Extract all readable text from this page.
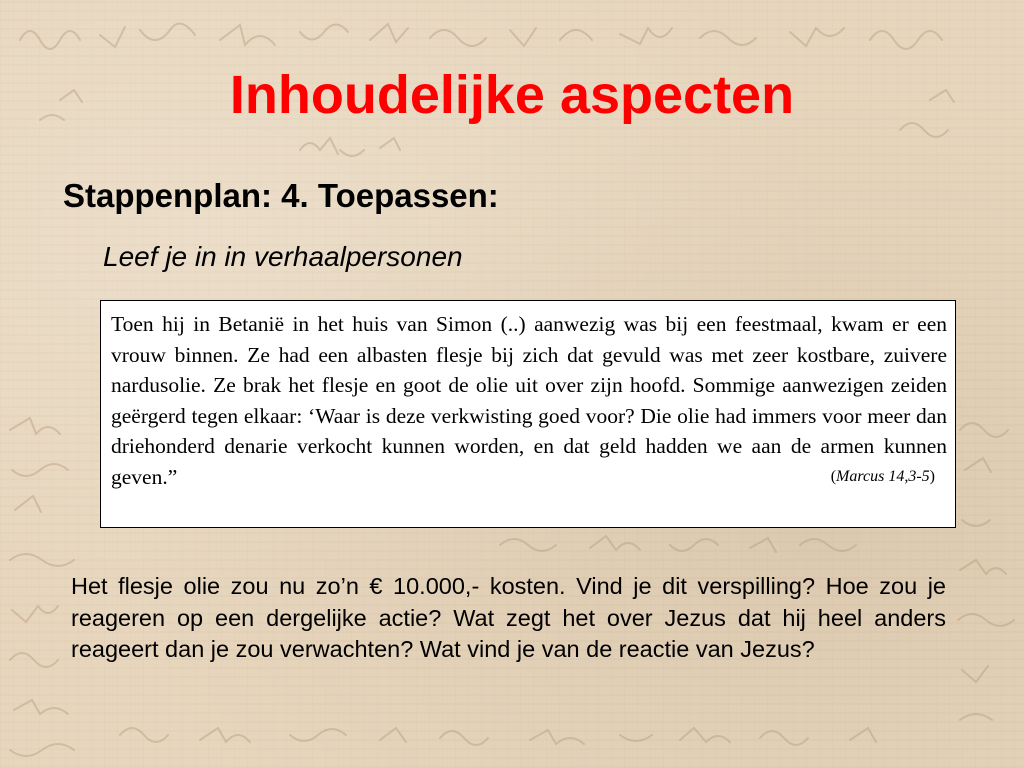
Inhoudelijke aspecten
Stappenplan: 4. Toepassen:

Leef je in in verhaalpersonen

Toen hij in Betanië in het huis van Simon (..) aanwezig was bij een feestmaal, kwam er een vrouw binnen. Ze had een albasten flesje bij zich dat gevuld was met zeer kostbare, zuivere nardusolie. Ze brak het flesje en goot de olie uit over zijn hoofd. Sommige aanwezigen zeiden geërgerd tegen elkaar: ‘Waar is deze verkwisting goed voor? Die olie had immers voor meer dan driehonderd denarie verkocht kunnen worden, en dat geld hadden we aan de armen kunnen geven.”	(Marcus 14,3-5)

Het flesje olie zou nu zo’n € 10.000,- kosten. Vind je dit verspilling? Hoe zou je reageren op een dergelijke actie? Wat zegt het over Jezus dat hij heel anders reageert dan je zou verwachten? Wat vind je van de reactie van Jezus?
